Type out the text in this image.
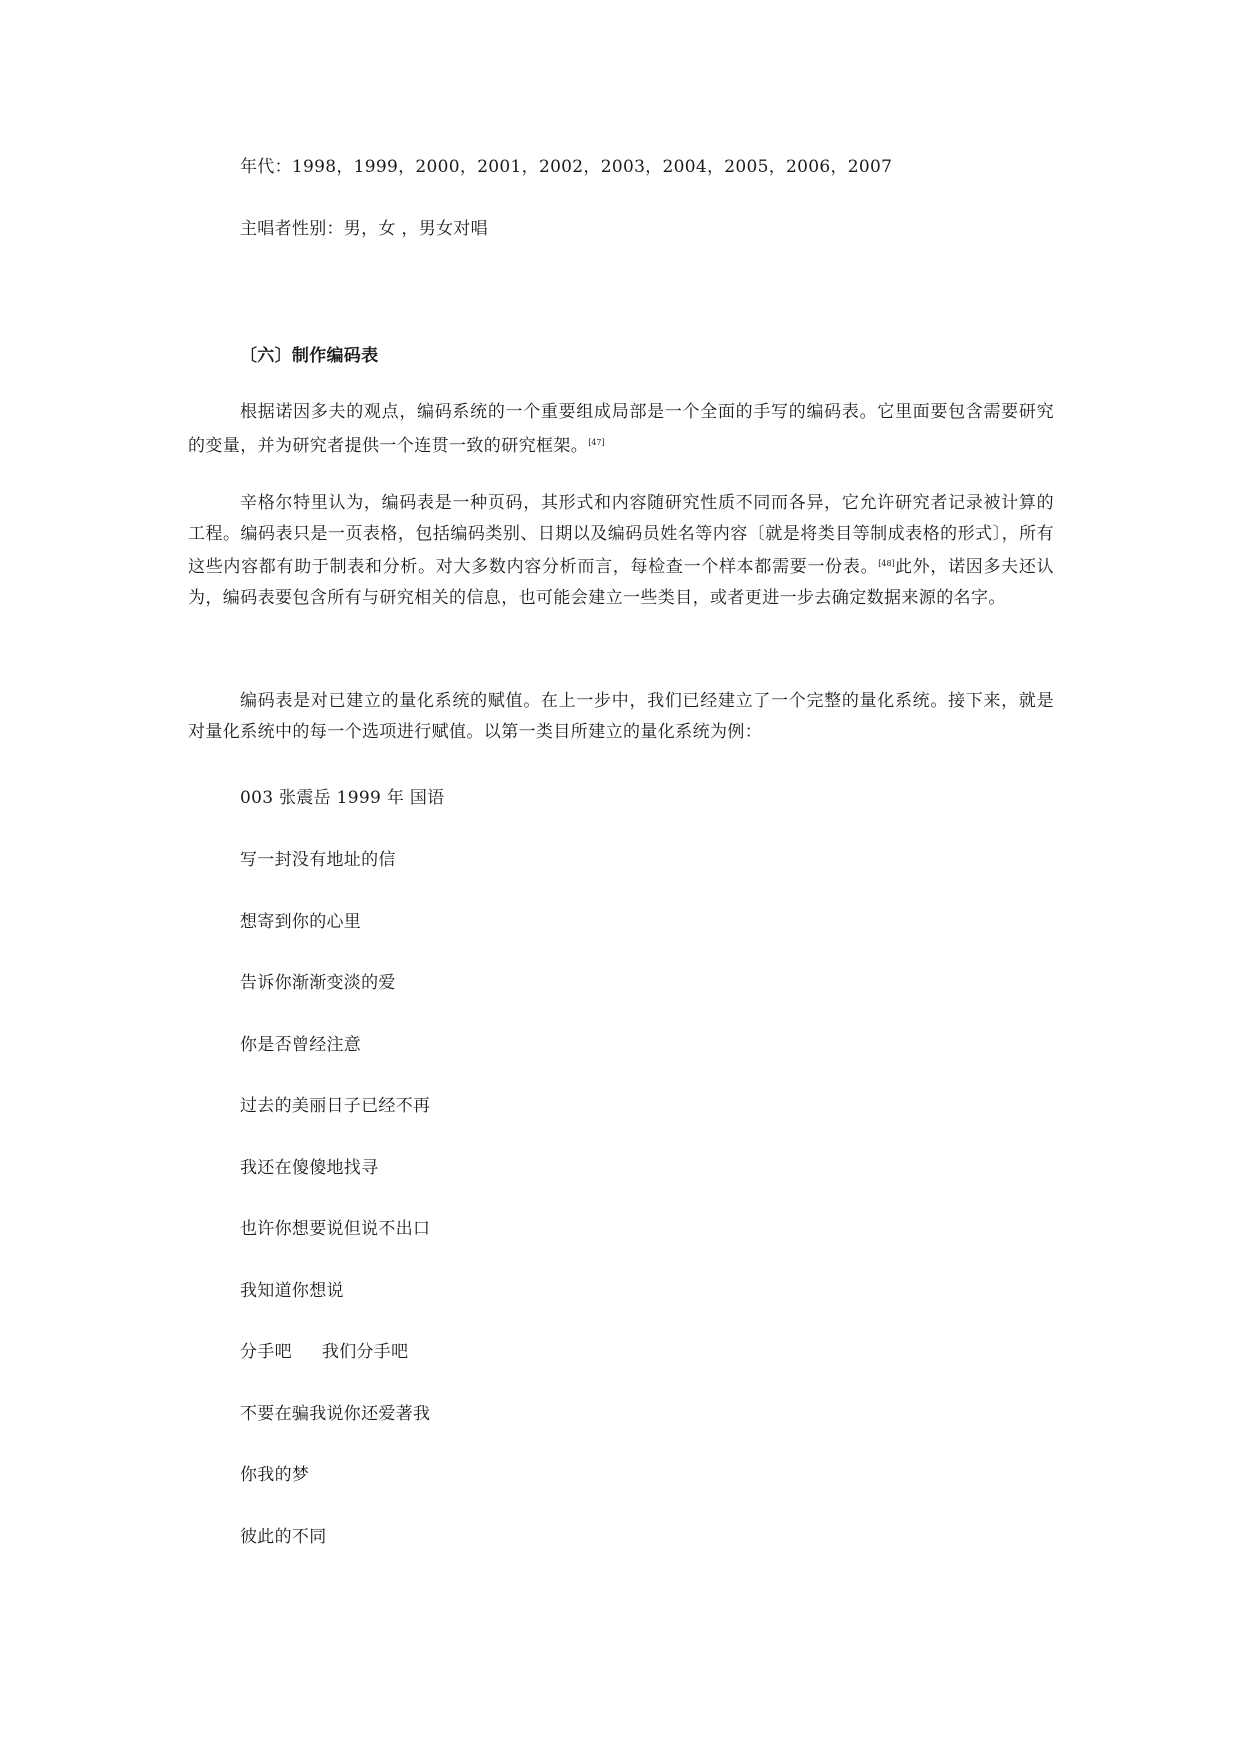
年代：1998，1999，2000，2001，2002，2003，2004，2005，2006，2007
主唱者性别：男，女 ，男女对唱
〔六〕制作编码表
根据诺因多夫的观点，编码系统的一个重要组成局部是一个全面的手写的编码表。它里面要包含需要研究的变量，并为研究者提供一个连贯一致的研究框架。[47]
辛格尔特里认为，编码表是一种页码，其形式和内容随研究性质不同而各异，它允许研究者记录被计算的工程。编码表只是一页表格，包括编码类别、日期以及编码员姓名等内容〔就是将类目等制成表格的形式〕，所有这些内容都有助于制表和分析。对大多数内容分析而言，每检查一个样本都需要一份表。[48]此外，诺因多夫还认为，编码表要包含所有与研究相关的信息，也可能会建立一些类目，或者更进一步去确定数据来源的名字。
编码表是对已建立的量化系统的赋值。在上一步中，我们已经建立了一个完整的量化系统。接下来，就是对量化系统中的每一个选项进行赋值。以第一类目所建立的量化系统为例：
003 张震岳 1999 年 国语
写一封没有地址的信
想寄到你的心里
告诉你渐渐变淡的爱
你是否曾经注意
过去的美丽日子已经不再
我还在傻傻地找寻
也许你想要说但说不出口
我知道你想说
分手吧 我们分手吧
不要在骗我说你还爱著我
你我的梦
彼此的不同
